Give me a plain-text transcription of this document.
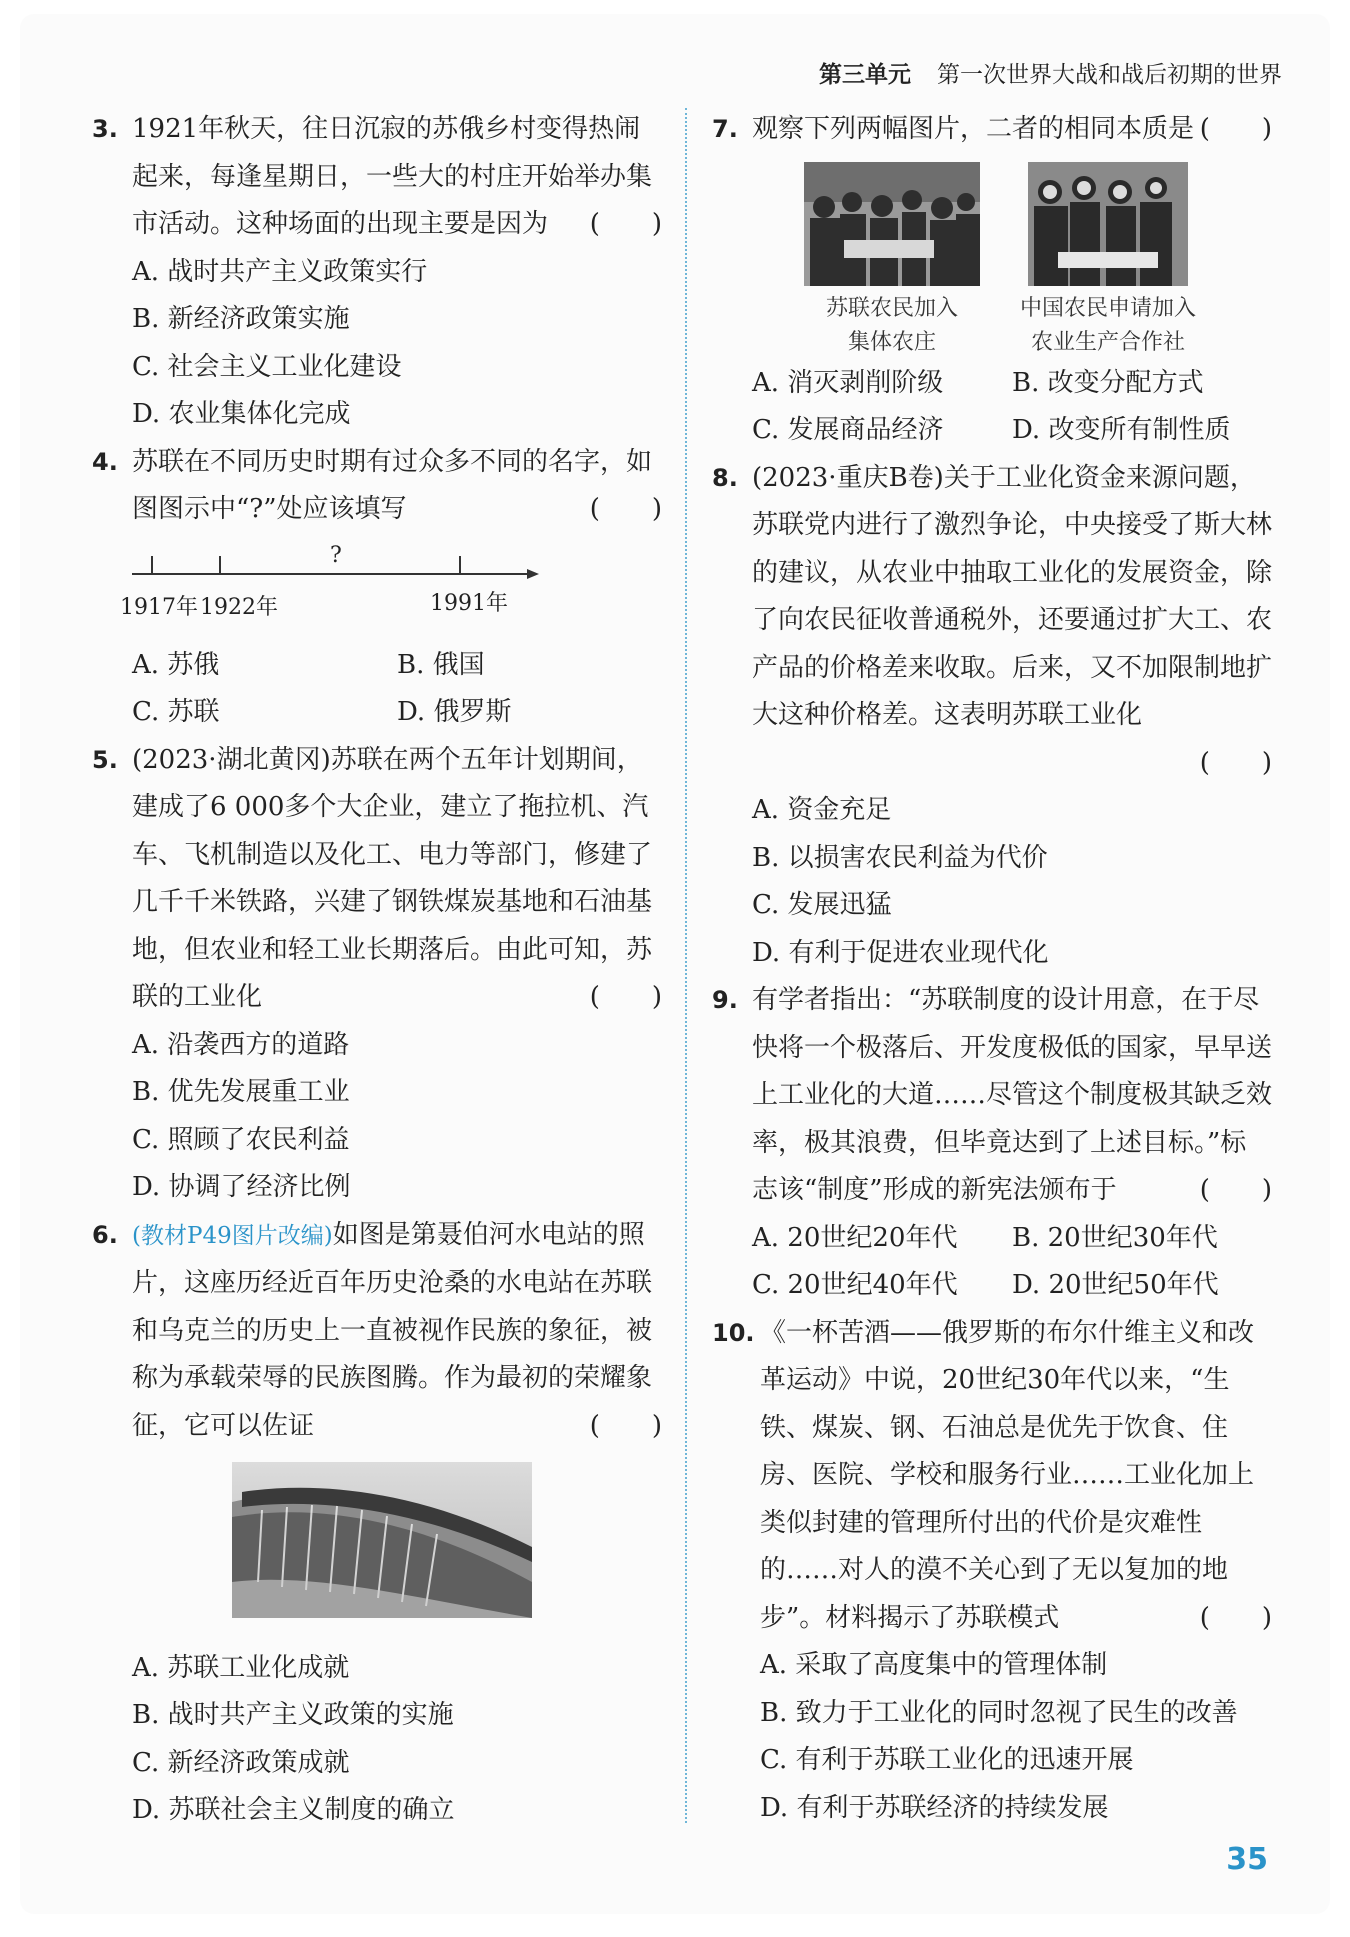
第三单元 第一次世界大战和战后初期的世界
3. 1921年秋天，往日沉寂的苏俄乡村变得热闹起来，每逢星期日，一些大的村庄开始举办集市活动。这种场面的出现主要是因为 (　　)
A. 战时共产主义政策实行
B. 新经济政策实施
C. 社会主义工业化建设
D. 农业集体化完成
4. 苏联在不同历史时期有过众多不同的名字，如图图示中“?”处应该填写	(　　)
?
1917年 1922年	1991年
A. 苏俄	B. 俄国
C. 苏联	D. 俄罗斯
5. (2023·湖北黄冈)苏联在两个五年计划期间，建成了6 000多个大企业，建立了拖拉机、汽车、飞机制造以及化工、电力等部门，修建了几千千米铁路，兴建了钢铁煤炭基地和石油基地，但农业和轻工业长期落后。由此可知，苏联的工业化	(　　)
A. 沿袭西方的道路
B. 优先发展重工业
C. 照顾了农民利益
D. 协调了经济比例
6. (教材P49图片改编)如图是第聂伯河水电站的照片，这座历经近百年历史沧桑的水电站在苏联和乌克兰的历史上一直被视作民族的象征，被称为承载荣辱的民族图腾。作为最初的荣耀象征，它可以佐证	(　　)
A. 苏联工业化成就
B. 战时共产主义政策的实施
C. 新经济政策成就
D. 苏联社会主义制度的确立
7. 观察下列两幅图片，二者的相同本质是 (　　)
苏联农民加入
集体农庄
中国农民申请加入
农业生产合作社
A. 消灭剥削阶级	B. 改变分配方式
C. 发展商品经济	D. 改变所有制性质
8. (2023·重庆B卷)关于工业化资金来源问题，苏联党内进行了激烈争论，中央接受了斯大林的建议，从农业中抽取工业化的发展资金，除了向农民征收普通税外，还要通过扩大工、农产品的价格差来收取。后来，又不加限制地扩大这种价格差。这表明苏联工业化
(　　)
A. 资金充足
B. 以损害农民利益为代价
C. 发展迅猛
D. 有利于促进农业现代化
9. 有学者指出：“苏联制度的设计用意，在于尽快将一个极落后、开发度极低的国家，早早送上工业化的大道……尽管这个制度极其缺乏效率，极其浪费，但毕竟达到了上述目标。”标志该“制度”形成的新宪法颁布于	(　　)
A. 20世纪20年代	B. 20世纪30年代
C. 20世纪40年代	D. 20世纪50年代
10. 《一杯苦酒——俄罗斯的布尔什维主义和改革运动》中说，20世纪30年代以来，“生铁、煤炭、钢、石油总是优先于饮食、住房、医院、学校和服务行业……工业化加上类似封建的管理所付出的代价是灾难性的……对人的漠不关心到了无以复加的地步”。材料揭示了苏联模式	(　　)
A. 采取了高度集中的管理体制
B. 致力于工业化的同时忽视了民生的改善
C. 有利于苏联工业化的迅速开展
D. 有利于苏联经济的持续发展
35
